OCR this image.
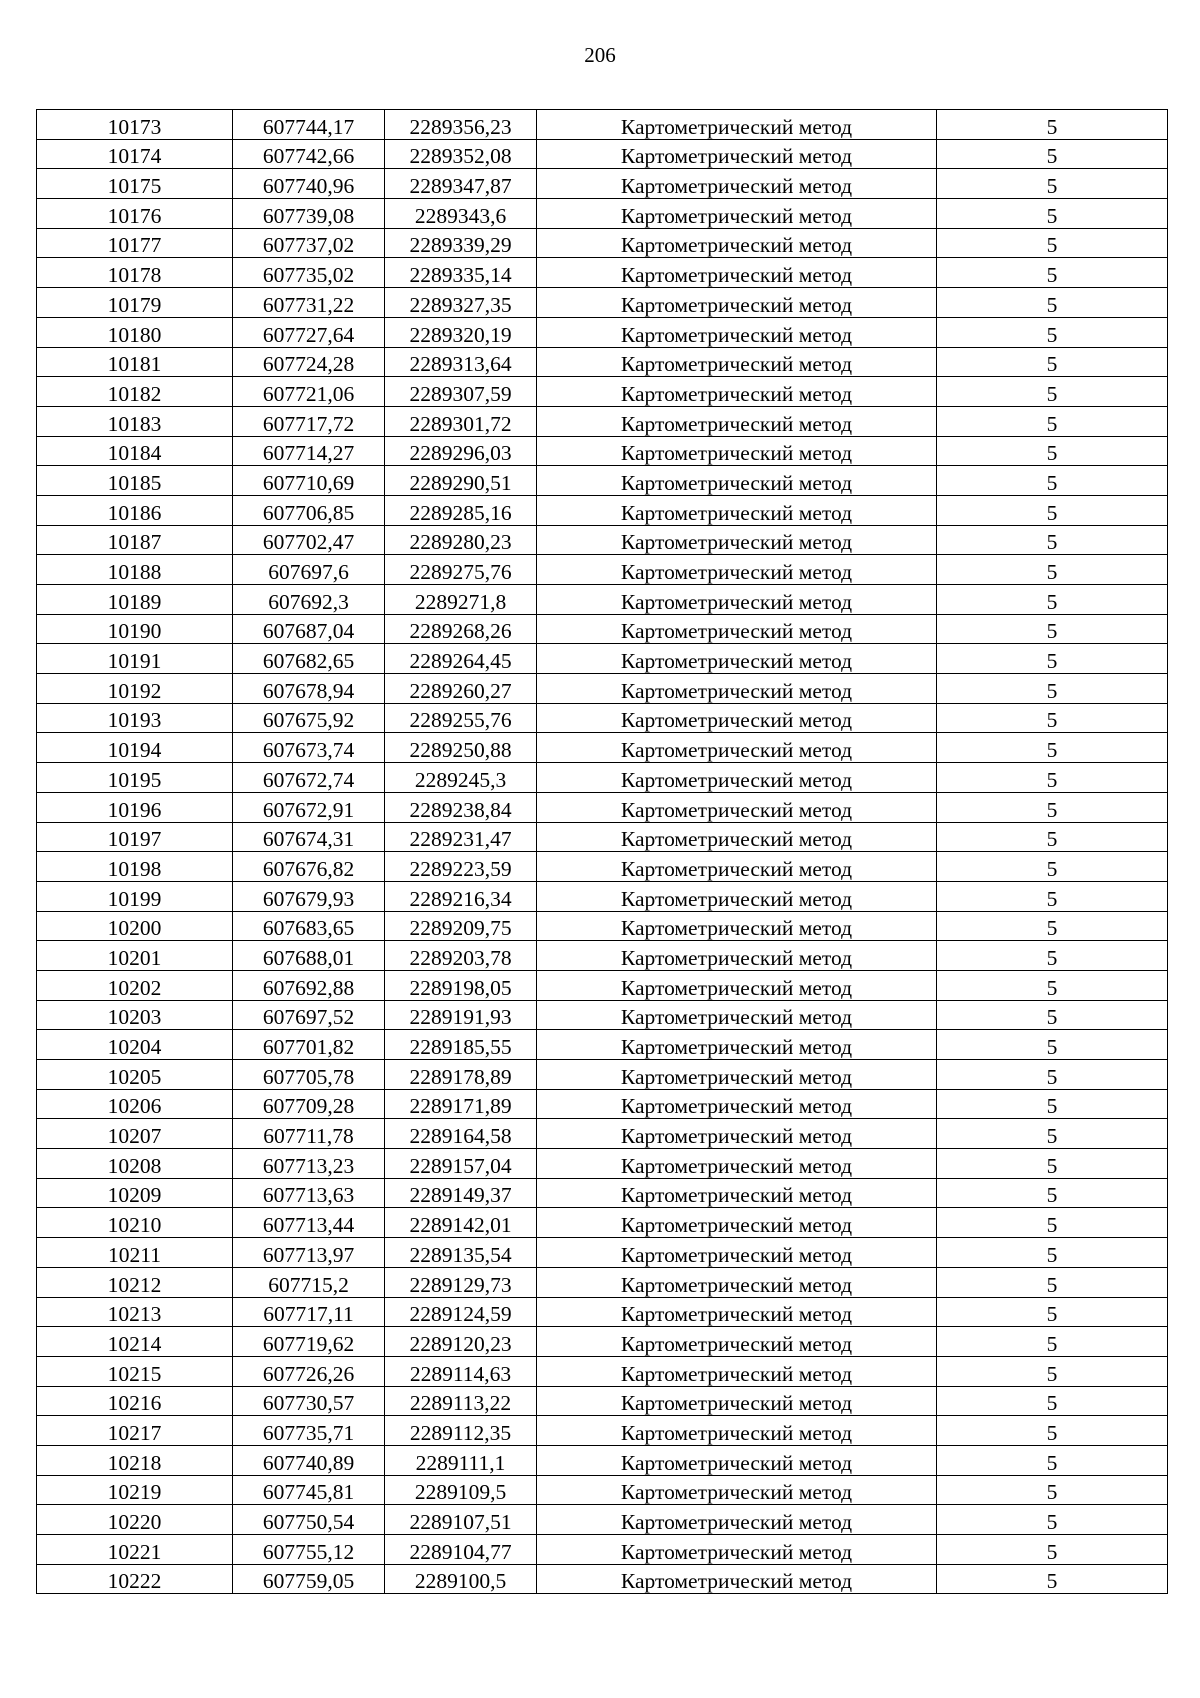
206
10173	607744,17	2289356,23	Картометрический метод	5
10174	607742,66	2289352,08	Картометрический метод	5
10175	607740,96	2289347,87	Картометрический метод	5
10176	607739,08	2289343,6	Картометрический метод	5
10177	607737,02	2289339,29	Картометрический метод	5
10178	607735,02	2289335,14	Картометрический метод	5
10179	607731,22	2289327,35	Картометрический метод	5
10180	607727,64	2289320,19	Картометрический метод	5
10181	607724,28	2289313,64	Картометрический метод	5
10182	607721,06	2289307,59	Картометрический метод	5
10183	607717,72	2289301,72	Картометрический метод	5
10184	607714,27	2289296,03	Картометрический метод	5
10185	607710,69	2289290,51	Картометрический метод	5
10186	607706,85	2289285,16	Картометрический метод	5
10187	607702,47	2289280,23	Картометрический метод	5
10188	607697,6	2289275,76	Картометрический метод	5
10189	607692,3	2289271,8	Картометрический метод	5
10190	607687,04	2289268,26	Картометрический метод	5
10191	607682,65	2289264,45	Картометрический метод	5
10192	607678,94	2289260,27	Картометрический метод	5
10193	607675,92	2289255,76	Картометрический метод	5
10194	607673,74	2289250,88	Картометрический метод	5
10195	607672,74	2289245,3	Картометрический метод	5
10196	607672,91	2289238,84	Картометрический метод	5
10197	607674,31	2289231,47	Картометрический метод	5
10198	607676,82	2289223,59	Картометрический метод	5
10199	607679,93	2289216,34	Картометрический метод	5
10200	607683,65	2289209,75	Картометрический метод	5
10201	607688,01	2289203,78	Картометрический метод	5
10202	607692,88	2289198,05	Картометрический метод	5
10203	607697,52	2289191,93	Картометрический метод	5
10204	607701,82	2289185,55	Картометрический метод	5
10205	607705,78	2289178,89	Картометрический метод	5
10206	607709,28	2289171,89	Картометрический метод	5
10207	607711,78	2289164,58	Картометрический метод	5
10208	607713,23	2289157,04	Картометрический метод	5
10209	607713,63	2289149,37	Картометрический метод	5
10210	607713,44	2289142,01	Картометрический метод	5
10211	607713,97	2289135,54	Картометрический метод	5
10212	607715,2	2289129,73	Картометрический метод	5
10213	607717,11	2289124,59	Картометрический метод	5
10214	607719,62	2289120,23	Картометрический метод	5
10215	607726,26	2289114,63	Картометрический метод	5
10216	607730,57	2289113,22	Картометрический метод	5
10217	607735,71	2289112,35	Картометрический метод	5
10218	607740,89	2289111,1	Картометрический метод	5
10219	607745,81	2289109,5	Картометрический метод	5
10220	607750,54	2289107,51	Картометрический метод	5
10221	607755,12	2289104,77	Картометрический метод	5
10222	607759,05	2289100,5	Картометрический метод	5
